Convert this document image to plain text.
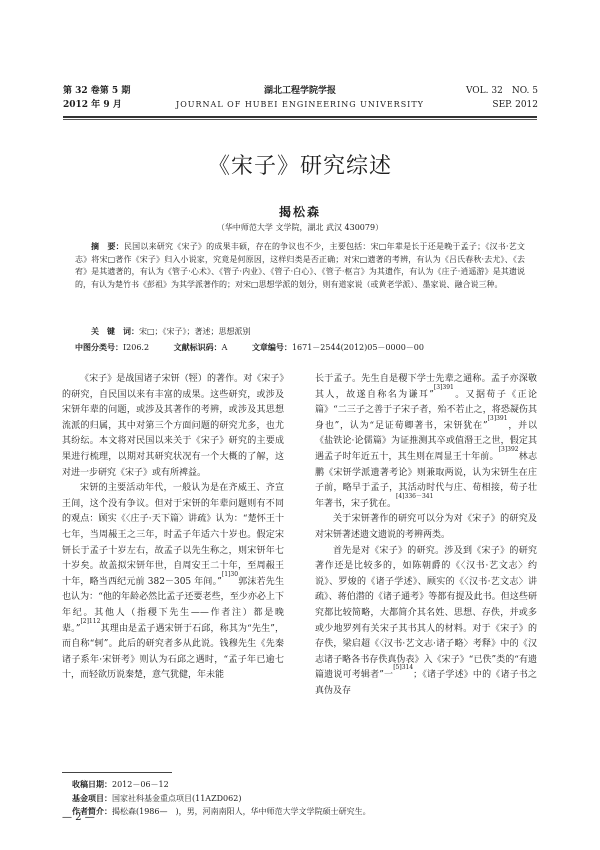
第 32 卷第 5 期
2012 年 9 月
湖北工程学院学报
JOURNAL OF HUBEI ENGINEERING UNIVERSITY
VOL. 32　NO. 5
SEP. 2012
《宋子》研究综述
揭松森
（华中师范大学 文学院，湖北 武汉 430079）
摘　要：民国以来研究《宋子》的成果丰硕，存在的争议也不少，主要包括：宋□年辈是长于还是晚于孟子；《汉书·艺文志》将宋□著作《宋子》归入小说家，究竟是何原因，这样归类是否正确；对宋□遗著的考辨，有认为《吕氏春秋·去尤》、《去宥》是其遗著的，有认为《管子·心术》、《管子·内业》、《管子·白心》、《管子·枢言》为其遗作，有认为《庄子·逍遥游》是其遗说的，有认为楚竹书《彭祖》为其学派著作的；对宋□思想学派的划分，则有道家说（或黄老学派）、墨家说、融合说三种。
关　键　词：宋□；《宋子》；著述；思想派别
中图分类号：I206.2	文献标识码：A	文章编号：1671－2544(2012)05－0000－00

《宋子》是战国诸子宋钘（牼）的著作。对《宋子》的研究，自民国以来有丰富的成果。这些研究，或涉及宋钘年辈的问题，或涉及其著作的考辨，或涉及其思想流派的归属，其中对第三个方面问题的研究尤多，也尤其纷纭。本文将对民国以来关于《宋子》研究的主要成果进行梳理，以期对其研究状况有一个大概的了解，这对进一步研究《宋子》或有所裨益。

宋钘的主要活动年代，一般认为是在齐威王、齐宣王间，这个没有争议。但对于宋钘的年辈问题则有不同的观点：顾实《〈庄子·天下篇〉讲疏》认为：“楚怀王十七年，当周赧王之三年，时孟子年适六十岁也。假定宋钘长于孟子十岁左右，故孟子以先生称之，则宋钘年七十岁矣。故盖拟宋钘年世，自周安王二十年，至周赧王十年，略当西纪元前 382－305 年间。”$^{[1]30}$郭沫若先生也认为：“他的年龄必然比孟子还要老些，至少亦必上下年纪。其他人（指稷下先生——作者注）都是晚辈。”$^{[2]112}$其理由是孟子遇宋钘于石邱，称其为“先生”，而自称“轲”。此后的研究者多从此说。钱穆先生《先秦诸子系年·宋钘考》则认为石邱之遇时，“孟子年已逾七十，而轻欲历说秦楚，意气犹健，年未能

长于孟子。先生自是稷下学士先辈之通称。孟子亦深敬其人，故遂自称名为谦耳”$^{[3]391}$。又据荀子《正论篇》“二三子之善于子宋子者，殆不若止之，将恐凝伤其身也”，认为“足证荀卿著书，宋钘犹在”$^{[3]391}$，并以《盐铁论·论儒篇》为证推测其卒或值湣王之世，假定其遇孟子时年近五十，其生则在周显王十年前。$^{[3]392}$林志鹏《宋钘学派遗著考论》则兼取两说，认为宋钘生在庄子前，略早于孟子，其活动时代与庄、荀相接，荀子壮年著书，宋子犹在。$^{[4]336-341}$

关于宋钘著作的研究可以分为对《宋子》的研究及对宋钘著述遗文遗说的考辨两类。

首先是对《宋子》的研究。涉及到《宋子》的研究著作还是比较多的，如陈朝爵的《〈汉书·艺文志〉约说》、罗焌的《诸子学述》、顾实的《〈汉书·艺文志〉讲疏》、蒋伯潜的《诸子通考》等都有提及此书。但这些研究都比较简略，大都简介其名姓、思想、存佚，并或多或少地罗列有关宋子其书其人的材料。对于《宋子》的存佚，梁启超《〈汉书·艺文志·诸子略〉考释》中的《汉志诸子略各书存佚真伪表》入《宋子》“已佚”类的“有遗篇遗说可考辑者”一$^{[5]314}$；《诸子学述》中的《诸子书之真伪及存

收稿日期：2012－06－12
基金项目：国家社科基金重点项目(11AZD062)
作者简介：揭松森(1986—　)，男，河南南阳人，华中师范大学文学院硕士研究生。
— 2 —
